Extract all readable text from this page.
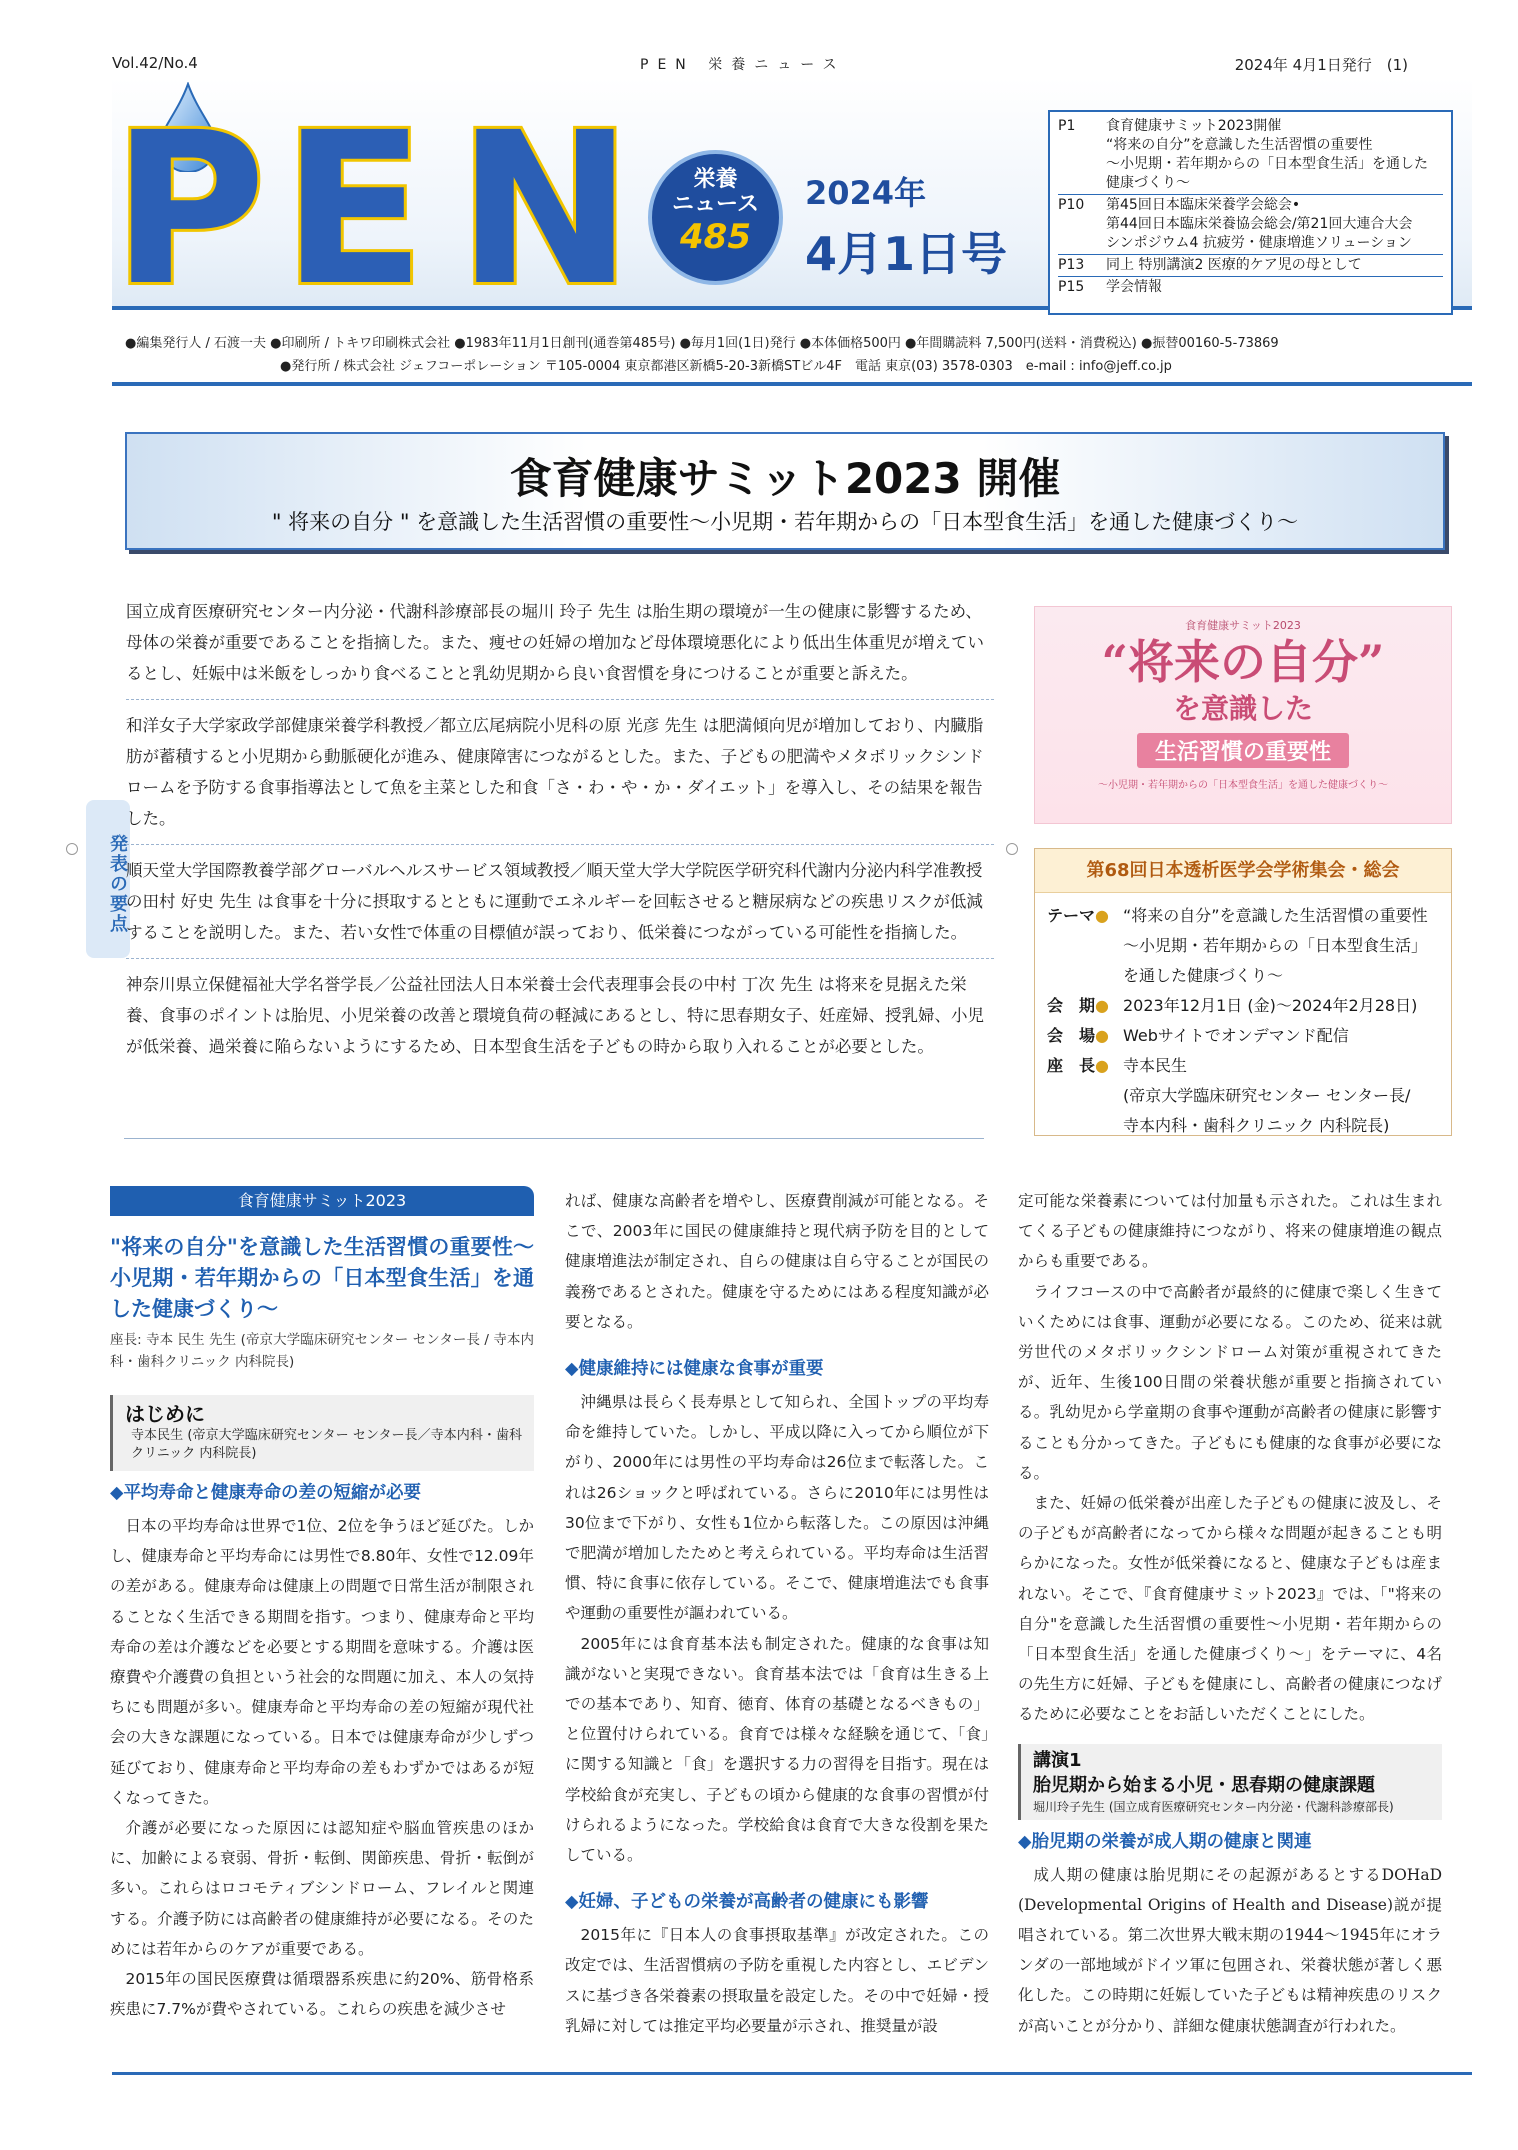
Vol.42/No.4	PEN 栄養ニュース	2024年 4月1日発行　(1)
P E N	栄養
ニュース
485
2024年
4月1日号
P1	食育健康サミット2023開催
“将来の自分”を意識した生活習慣の重要性
～小児期・若年期からの「日本型食生活」を通した
健康づくり～
P10	第45回日本臨床栄養学会総会•
第44回日本臨床栄養協会総会/第21回大連合大会
シンポジウム4 抗疲労・健康増進ソリューション
P13	同上 特別講演2 医療的ケア児の母として
P15	学会情報
●編集発行人 / 石渡一夫 ●印刷所 / トキワ印刷株式会社 ●1983年11月1日創刊(通巻第485号) ●毎月1回(1日)発行 ●本体価格500円 ●年間購読料 7,500円(送料・消費税込) ●振替00160-5-73869
●発行所 / 株式会社 ジェフコーポレーション 〒105-0004 東京都港区新橋5-20-3新橋STビル4F　電話 東京(03) 3578-0303　e-mail : info@jeff.co.jp
食育健康サミット2023 開催
" 将来の自分 " を意識した生活習慣の重要性～小児期・若年期からの「日本型食生活」を通した健康づくり～
発表の要点
国立成育医療研究センター内分泌・代謝科診療部長の堀川 玲子 先生 は胎生期の環境が一生の健康に影響するため、母体の栄養が重要であることを指摘した。また、痩せの妊婦の増加など母体環境悪化により低出生体重児が増えているとし、妊娠中は米飯をしっかり食べることと乳幼児期から良い食習慣を身につけることが重要と訴えた。
和洋女子大学家政学部健康栄養学科教授／都立広尾病院小児科の原 光彦 先生 は肥満傾向児が増加しており、内臓脂肪が蓄積すると小児期から動脈硬化が進み、健康障害につながるとした。また、子どもの肥満やメタボリックシンドロームを予防する食事指導法として魚を主菜とした和食「さ・わ・や・か・ダイエット」を導入し、その結果を報告した。
順天堂大学国際教養学部グローバルヘルスサービス領域教授／順天堂大学大学院医学研究科代謝内分泌内科学准教授の田村 好史 先生 は食事を十分に摂取するとともに運動でエネルギーを回転させると糖尿病などの疾患リスクが低減することを説明した。また、若い女性で体重の目標値が誤っており、低栄養につながっている可能性を指摘した。
神奈川県立保健福祉大学名誉学長／公益社団法人日本栄養士会代表理事会長の中村 丁次 先生 は将来を見据えた栄養、食事のポイントは胎児、小児栄養の改善と環境負荷の軽減にあるとし、特に思春期女子、妊産婦、授乳婦、小児が低栄養、過栄養に陥らないようにするため、日本型食生活を子どもの時から取り入れることが必要とした。
食育健康サミット2023
“将来の自分”
を意識した
生活習慣の重要性
～小児期・若年期からの「日本型食生活」を通した健康づくり～
第68回日本透析医学会学術集会・総会
テーマ● “将来の自分”を意識した生活習慣の重要性～小児期・若年期からの「日本型食生活」を通した健康づくり～
会　期● 2023年12月1日 (金)～2024年2月28日)
会　場● Webサイトでオンデマンド配信
座　長● 寺本民生
(帝京大学臨床研究センター センター長/
寺本内科・歯科クリニック 内科院長)
食育健康サミット2023
"将来の自分"を意識した生活習慣の重要性～小児期・若年期からの「日本型食生活」を通した健康づくり～
座長: 寺本 民生 先生 (帝京大学臨床研究センター センター長 / 寺本内科・歯科クリニック 内科院長)
はじめに
寺本民生 (帝京大学臨床研究センター センター長／寺本内科・歯科クリニック 内科院長)
◆平均寿命と健康寿命の差の短縮が必要

日本の平均寿命は世界で1位、2位を争うほど延びた。しかし、健康寿命と平均寿命には男性で8.80年、女性で12.09年の差がある。健康寿命は健康上の問題で日常生活が制限されることなく生活できる期間を指す。つまり、健康寿命と平均寿命の差は介護などを必要とする期間を意味する。介護は医療費や介護費の負担という社会的な問題に加え、本人の気持ちにも問題が多い。健康寿命と平均寿命の差の短縮が現代社会の大きな課題になっている。日本では健康寿命が少しずつ延びており、健康寿命と平均寿命の差もわずかではあるが短くなってきた。

介護が必要になった原因には認知症や脳血管疾患のほかに、加齢による衰弱、骨折・転倒、関節疾患、骨折・転倒が多い。これらはロコモティブシンドローム、フレイルと関連する。介護予防には高齢者の健康維持が必要になる。そのためには若年からのケアが重要である。

2015年の国民医療費は循環器系疾患に約20%、筋骨格系疾患に7.7%が費やされている。これらの疾患を減少させ

れば、健康な高齢者を増やし、医療費削減が可能となる。そこで、2003年に国民の健康維持と現代病予防を目的として健康増進法が制定され、自らの健康は自ら守ることが国民の義務であるとされた。健康を守るためにはある程度知識が必要となる。

◆健康維持には健康な食事が重要

沖縄県は長らく長寿県として知られ、全国トップの平均寿命を維持していた。しかし、平成以降に入ってから順位が下がり、2000年には男性の平均寿命は26位まで転落した。これは26ショックと呼ばれている。さらに2010年には男性は30位まで下がり、女性も1位から転落した。この原因は沖縄で肥満が増加したためと考えられている。平均寿命は生活習慣、特に食事に依存している。そこで、健康増進法でも食事や運動の重要性が謳われている。

2005年には食育基本法も制定された。健康的な食事は知識がないと実現できない。食育基本法では「食育は生きる上での基本であり、知育、徳育、体育の基礎となるべきもの」と位置付けられている。食育では様々な経験を通じて、「食」に関する知識と「食」を選択する力の習得を目指す。現在は学校給食が充実し、子どもの頃から健康的な食事の習慣が付けられるようになった。学校給食は食育で大きな役割を果たしている。

◆妊婦、子どもの栄養が高齢者の健康にも影響

2015年に『日本人の食事摂取基準』が改定された。この改定では、生活習慣病の予防を重視した内容とし、エビデンスに基づき各栄養素の摂取量を設定した。その中で妊婦・授乳婦に対しては推定平均必要量が示され、推奨量が設

定可能な栄養素については付加量も示された。これは生まれてくる子どもの健康維持につながり、将来の健康増進の観点からも重要である。

ライフコースの中で高齢者が最終的に健康で楽しく生きていくためには食事、運動が必要になる。このため、従来は就労世代のメタボリックシンドローム対策が重視されてきたが、近年、生後100日間の栄養状態が重要と指摘されている。乳幼児から学童期の食事や運動が高齢者の健康に影響することも分かってきた。子どもにも健康的な食事が必要になる。

また、妊婦の低栄養が出産した子どもの健康に波及し、その子どもが高齢者になってから様々な問題が起きることも明らかになった。女性が低栄養になると、健康な子どもは産まれない。そこで、『食育健康サミット2023』では、「"将来の自分"を意識した生活習慣の重要性～小児期・若年期からの「日本型食生活」を通した健康づくり～」をテーマに、4名の先生方に妊婦、子どもを健康にし、高齢者の健康につなげるために必要なことをお話しいただくことにした。

講演1
胎児期から始まる小児・思春期の健康課題
堀川玲子先生 (国立成育医療研究センター内分泌・代謝科診療部長)
◆胎児期の栄養が成人期の健康と関連

成人期の健康は胎児期にその起源があるとするDOHaD (Developmental Origins of Health and Disease)説が提唱されている。第二次世界大戦末期の1944～1945年にオランダの一部地域がドイツ軍に包囲され、栄養状態が著しく悪化した。この時期に妊娠していた子どもは精神疾患のリスクが高いことが分かり、詳細な健康状態調査が行われた。
